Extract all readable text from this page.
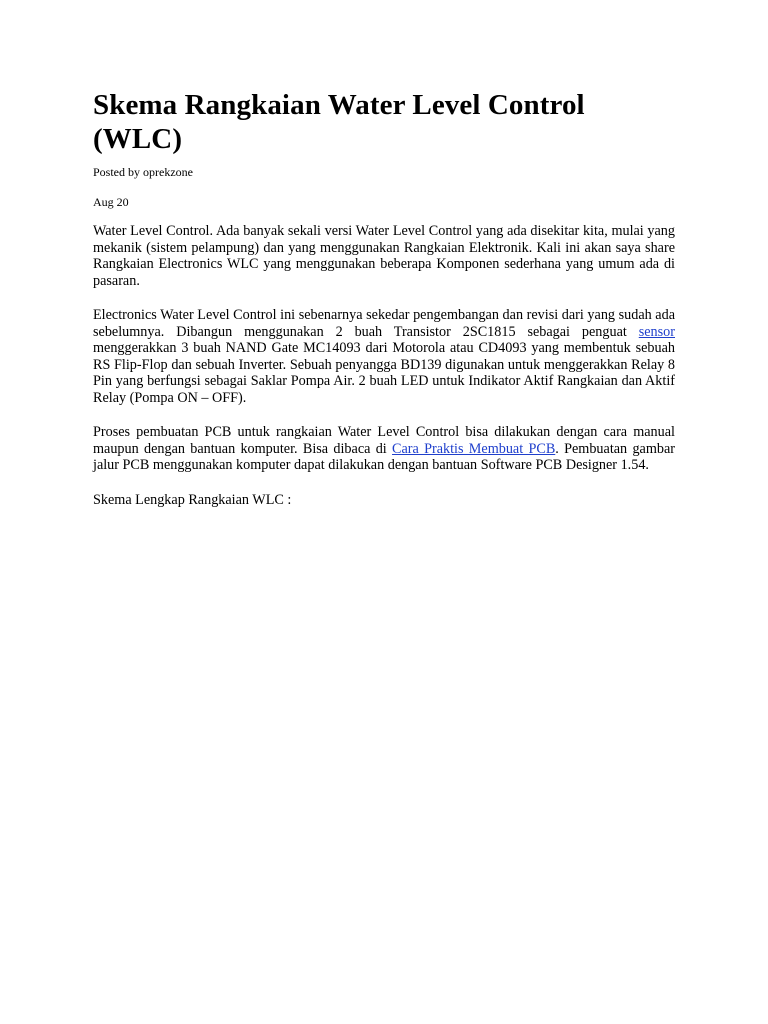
Skema Rangkaian Water Level Control (WLC)

Posted by oprekzone

Aug 20

Water Level Control. Ada banyak sekali versi Water Level Control yang ada disekitar kita, mulai yang mekanik (sistem pelampung) dan yang menggunakan Rangkaian Elektronik. Kali ini akan saya share Rangkaian Electronics WLC yang menggunakan beberapa Komponen sederhana yang umum ada di pasaran.

Electronics Water Level Control ini sebenarnya sekedar pengembangan dan revisi dari yang sudah ada sebelumnya. Dibangun menggunakan 2 buah Transistor 2SC1815 sebagai penguat sensor menggerakkan 3 buah NAND Gate MC14093 dari Motorola atau CD4093 yang membentuk sebuah RS Flip-Flop dan sebuah Inverter. Sebuah penyangga BD139 digunakan untuk menggerakkan Relay 8 Pin yang berfungsi sebagai Saklar Pompa Air. 2 buah LED untuk Indikator Aktif Rangkaian dan Aktif Relay (Pompa ON – OFF).

Proses pembuatan PCB untuk rangkaian Water Level Control bisa dilakukan dengan cara manual maupun dengan bantuan komputer. Bisa dibaca di Cara Praktis Membuat PCB. Pembuatan gambar jalur PCB menggunakan komputer dapat dilakukan dengan bantuan Software PCB Designer 1.54.

Skema Lengkap Rangkaian WLC :
